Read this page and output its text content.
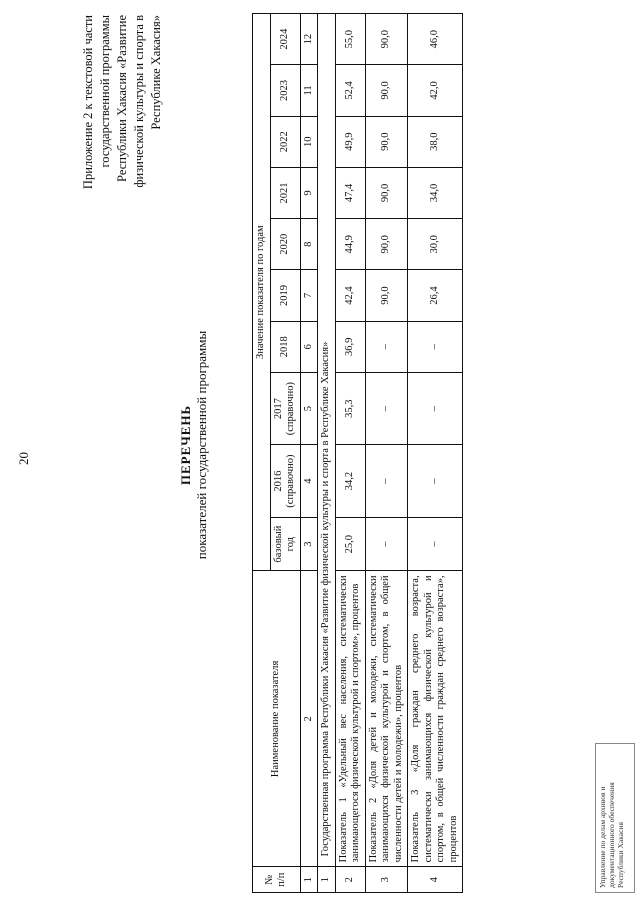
20
Приложение 2 к текстовой части государственной программы Республики Хакасия «Развитие физической культуры и спорта в Республике Хакасия»
ПЕРЕЧЕНЬ показателей государственной программы
№ п/п	Наименование показателя	Значение показателя по годам									
		базовый год	2016 (справочно)	2017 (справочно)	2018	2019	2020	2021	2022	2023	2024
1	2	3	4	5	6	7	8	9	10	11	12
1	Государственная программа Республики Хакасия «Развитие физической культуры и спорта в Республике Хакасия»										
2	Показатель 1 «Удельный вес населения, систематически занимающегося физической культурой и спортом», процентов	25,0	34,2	35,3	36,9	42,4	44,9	47,4	49,9	52,4	55,0
3	Показатель 2 «Доля детей и молодежи, систематически занимающихся физической культурой и спортом, в общей численности детей и молодежи», процентов	–	–	–	–	90,0	90,0	90,0	90,0	90,0	90,0
4	Показатель 3 «Доля граждан среднего возраста, систематически занимающихся физической культурой и спортом, в общей численности граждан среднего возраста», процентов	–	–	–	–	26,4	30,0	34,0	38,0	42,0	46,0
Управление по делам архивов и документационного обеспечения Республики Хакасия
